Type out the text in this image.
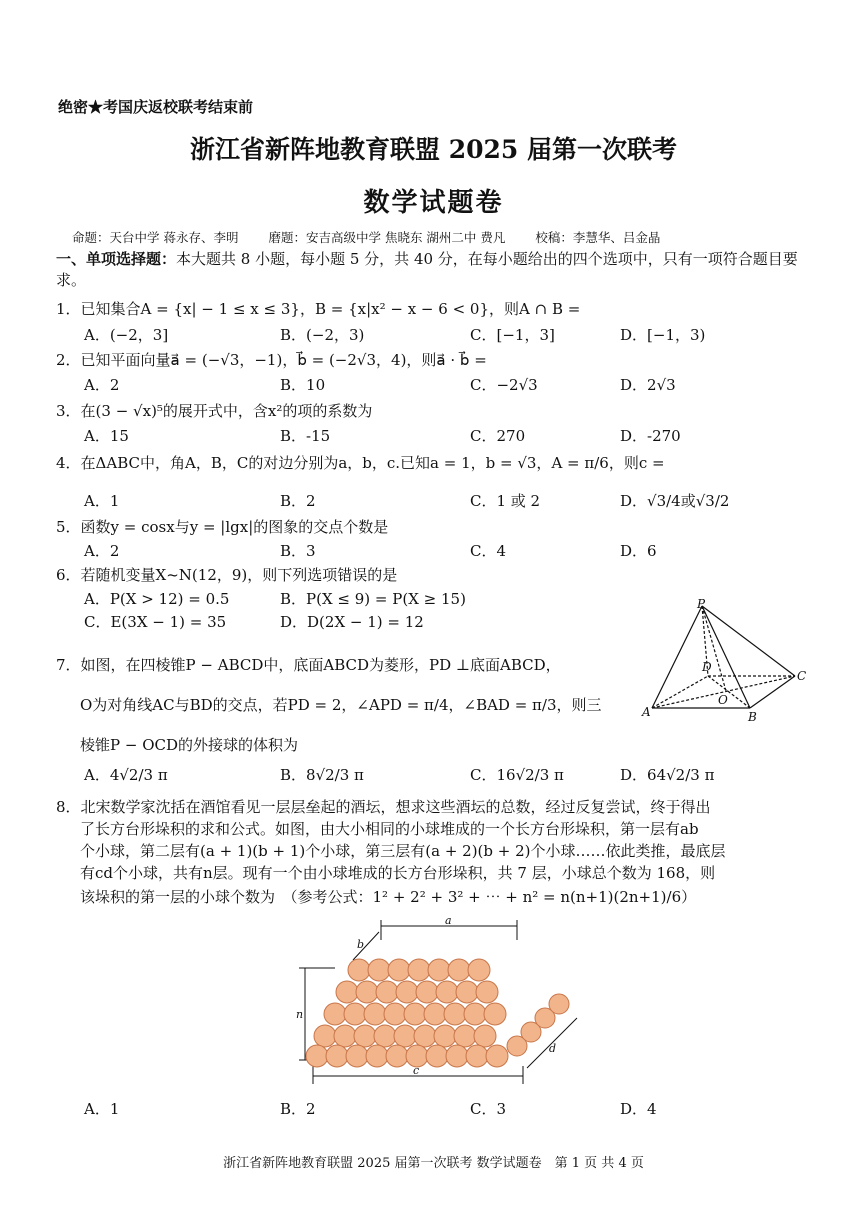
绝密★考国庆返校联考结束前
浙江省新阵地教育联盟 2025 届第一次联考
数学试题卷
命题：天台中学 蒋永存、李明 磨题：安吉高级中学 焦晓东 湖州二中 费凡 校稿：李慧华、吕金晶
一、单项选择题：本大题共 8 小题，每小题 5 分，共 40 分，在每小题给出的四个选项中，只有一项符合题目要求。
1．已知集合A = {x| − 1 ≤ x ≤ 3}，B = {x|x² − x − 6 < 0}，则A ∩ B =
A．(−2，3]	B．(−2，3)	C．[−1，3]	D．[−1，3)
2．已知平面向量a⃗ = (−√3，−1)，b⃗ = (−2√3，4)，则a⃗ · b⃗ =
A．2	B．10	C．−2√3	D．2√3
3．在(3 − √x)⁵的展开式中，含x²的项的系数为
A．15	B．-15	C．270	D．-270
4．在ΔABC中，角A，B，C的对边分别为a，b，c.已知a = 1，b = √3，A = π/6，则c =
A．1	B．2	C．1 或 2	D．√3/4或√3/2
5．函数y = cosx与y = |lgx|的图象的交点个数是
A．2	B．3	C．4	D．6
6．若随机变量X~N(12，9)，则下列选项错误的是
A．P(X > 12) = 0.5	B．P(X ≤ 9) = P(X ≥ 15)
C．E(3X − 1) = 35	D．D(2X − 1) = 12
P
D
C
O
A	B
7．如图，在四棱锥P − ABCD中，底面ABCD为菱形，PD ⊥底面ABCD，
O为对角线AC与BD的交点，若PD = 2，∠APD = π/4，∠BAD = π/3，则三
棱锥P − OCD的外接球的体积为
A．4√2/3 π	B．8√2/3 π	C．16√2/3 π	D．64√2/3 π
8．北宋数学家沈括在酒馆看见一层层垒起的酒坛，想求这些酒坛的总数，经过反复尝试，终于得出
了长方台形垛积的求和公式。如图，由大小相同的小球堆成的一个长方台形垛积，第一层有ab
个小球，第二层有(a + 1)(b + 1)个小球，第三层有(a + 2)(b + 2)个小球……依此类推，最底层
有cd个小球，共有n层。现有一个由小球堆成的长方台形垛积，共 7 层，小球总个数为 168，则
该垛积的第一层的小球个数为　（参考公式：1² + 2² + 3² + ⋯ + n² = n(n+1)(2n+1)/6）
a
b
n
c
d
A．1	B．2	C．3	D．4
浙江省新阵地教育联盟 2025 届第一次联考 数学试题卷　第 1 页 共 4 页
